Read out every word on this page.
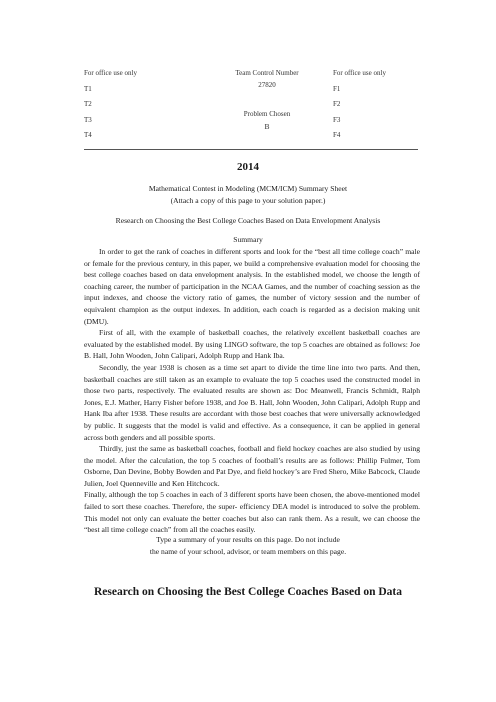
For office use only
T1
T2
T3
T4
Team Control Number
27820
Problem Chosen
B
For office use only
F1
F2
F3
F4
2014
Mathematical Contest in Modeling (MCM/ICM) Summary Sheet
(Attach a copy of this page to your solution paper.)
Research on Choosing the Best College Coaches Based on Data Envelopment Analysis
Summary

In order to get the rank of coaches in different sports and look for the “best all time college coach” male or female for the previous century, in this paper, we build a comprehensive evaluation model for choosing the best college coaches based on data envelopment analysis. In the established model, we choose the length of coaching career, the number of participation in the NCAA Games, and the number of coaching session as the input indexes, and choose the victory ratio of games, the number of victory session and the number of equivalent champion as the output indexes. In addition, each coach is regarded as a decision making unit (DMU).

First of all, with the example of basketball coaches, the relatively excellent basketball coaches are evaluated by the established model. By using LINGO software, the top 5 coaches are obtained as follows: Joe B. Hall, John Wooden, John Calipari, Adolph Rupp and Hank Iba.

Secondly, the year 1938 is chosen as a time set apart to divide the time line into two parts. And then, basketball coaches are still taken as an example to evaluate the top 5 coaches used the constructed model in those two parts, respectively. The evaluated results are shown as: Doc Meanwell, Francis Schmidt, Ralph Jones, E.J. Mather, Harry Fisher before 1938, and Joe B. Hall, John Wooden, John Calipari, Adolph Rupp and Hank Iba after 1938. These results are accordant with those best coaches that were universally acknowledged by public. It suggests that the model is valid and effective. As a consequence, it can be applied in general across both genders and all possible sports.

Thirdly, just the same as basketball coaches, football and field hockey coaches are also studied by using the model. After the calculation, the top 5 coaches of football’s results are as follows: Phillip Fulmer, Tom Osborne, Dan Devine, Bobby Bowden and Pat Dye, and field hockey’s are Fred Shero, Mike Babcock, Claude Julien, Joel Quenneville and Ken Hitchcock.

Finally, although the top 5 coaches in each of 3 different sports have been chosen, the above-mentioned model failed to sort these coaches. Therefore, the super- efficiency DEA model is introduced to solve the problem. This model not only can evaluate the better coaches but also can rank them. As a result, we can choose the “best all time college coach” from all the coaches easily.

Type a summary of your results on this page. Do not include
the name of your school, advisor, or team members on this page.
Research on Choosing the Best College Coaches Based on Data
